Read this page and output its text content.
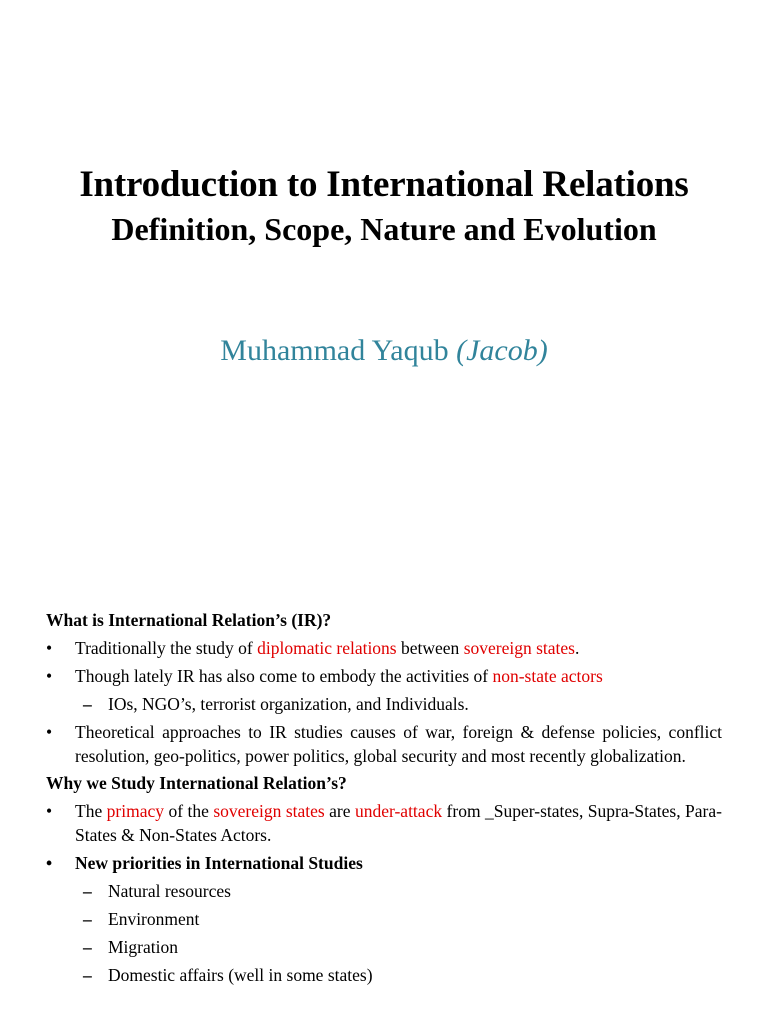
Introduction to International Relations
Definition, Scope, Nature and Evolution
Muhammad Yaqub (Jacob)

What is International Relation’s (IR)?

• Traditionally the study of diplomatic relations between sovereign states.
• Though lately IR has also come to embody the activities of non-state actors
– IOs, NGO’s, terrorist organization, and Individuals.
• Theoretical approaches to IR studies causes of war, foreign & defense policies, conflict resolution, geo-politics, power politics, global security and most recently globalization.

Why we Study International Relation’s?

• The primacy of the sovereign states are under-attack from _Super-states, Supra-States, Para-States & Non-States Actors.
• New priorities in International Studies
– Natural resources
– Environment
– Migration
– Domestic affairs (well in some states)
